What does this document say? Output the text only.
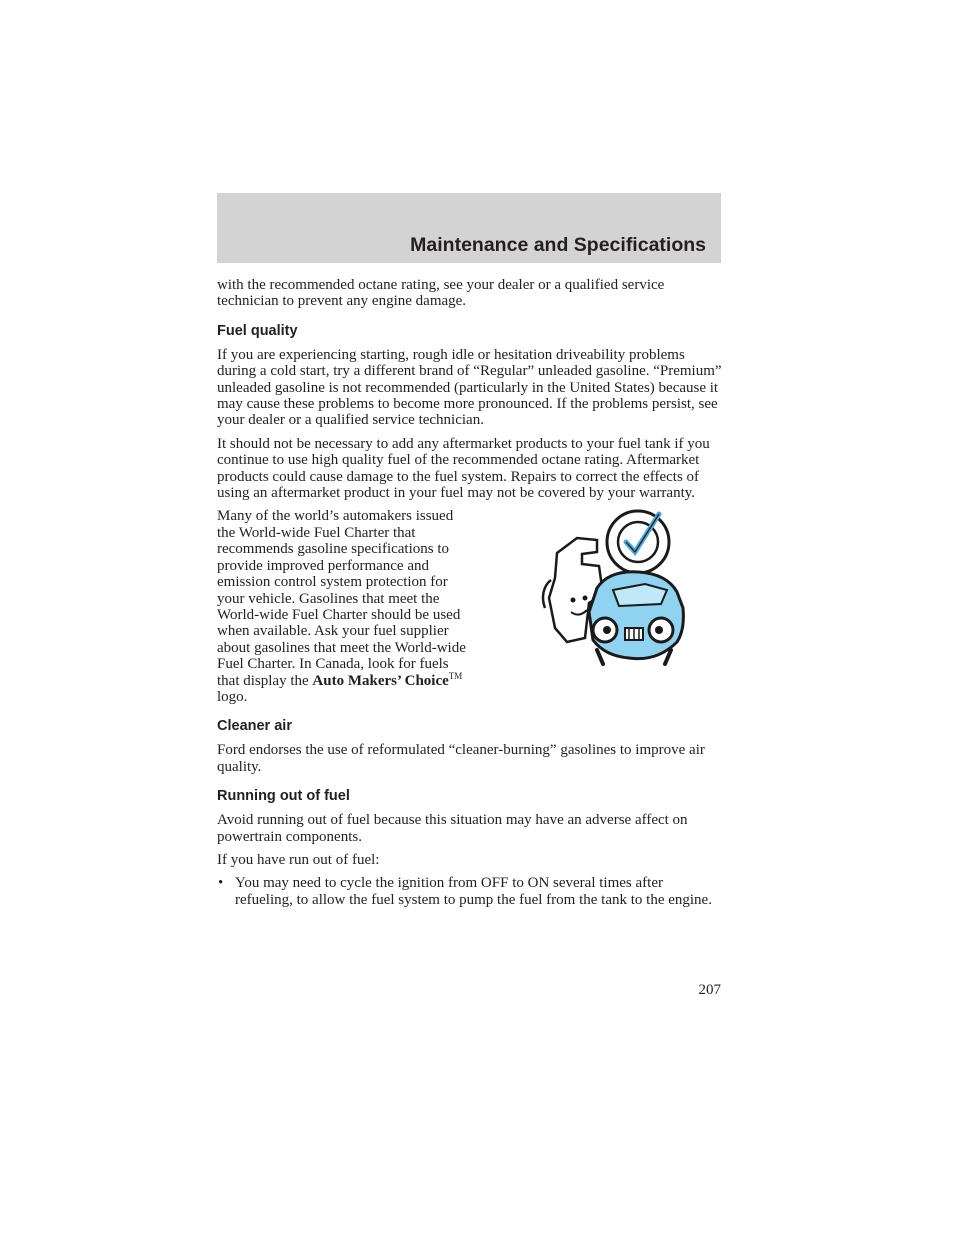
Maintenance and Specifications

with the recommended octane rating, see your dealer or a qualified service technician to prevent any engine damage.

Fuel quality

If you are experiencing starting, rough idle or hesitation driveability problems during a cold start, try a different brand of “Regular” unleaded gasoline. “Premium” unleaded gasoline is not recommended (particularly in the United States) because it may cause these problems to become more pronounced. If the problems persist, see your dealer or a qualified service technician.

It should not be necessary to add any aftermarket products to your fuel tank if you continue to use high quality fuel of the recommended octane rating. Aftermarket products could cause damage to the fuel system. Repairs to correct the effects of using an aftermarket product in your fuel may not be covered by your warranty.

Many of the world’s automakers issued the World-wide Fuel Charter that recommends gasoline specifications to provide improved performance and emission control system protection for your vehicle. Gasolines that meet the World-wide Fuel Charter should be used when available. Ask your fuel supplier about gasolines that meet the World-wide Fuel Charter. In Canada, look for fuels that display the Auto Makers’ Choice™ logo.

Cleaner air

Ford endorses the use of reformulated “cleaner-burning” gasolines to improve air quality.

Running out of fuel

Avoid running out of fuel because this situation may have an adverse affect on powertrain components.

If you have run out of fuel:

• You may need to cycle the ignition from OFF to ON several times after refueling, to allow the fuel system to pump the fuel from the tank to the engine.
207
